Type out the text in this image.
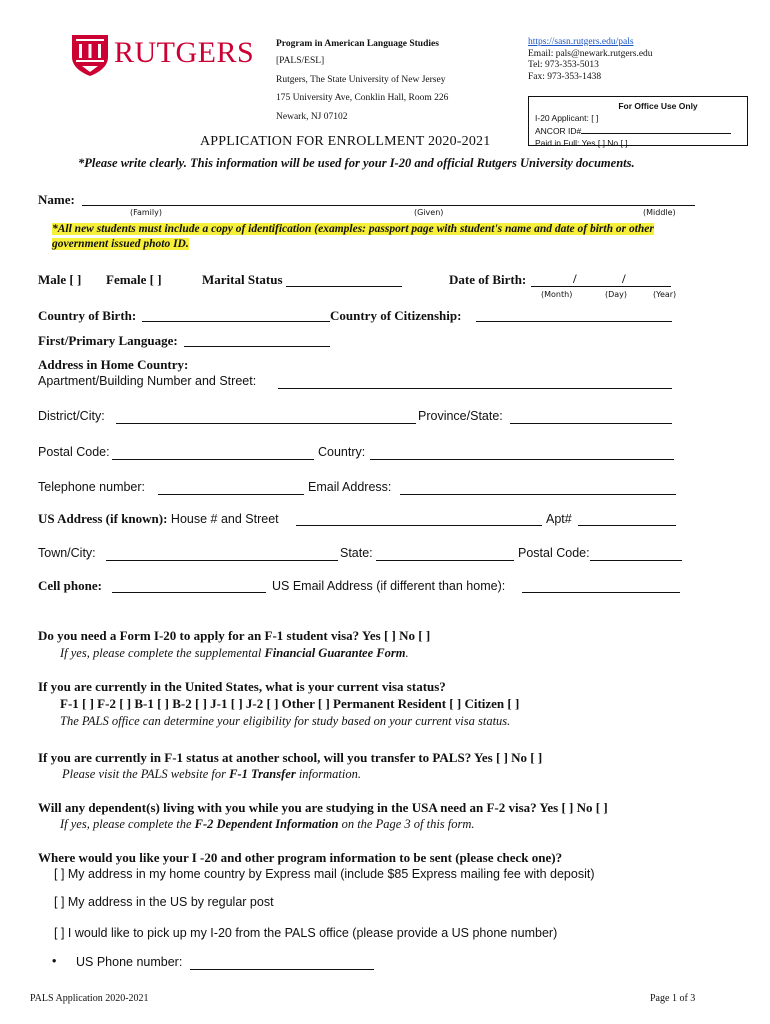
RUTGERS Program in American Language Studies
[PALS/ESL]
Rutgers, The State University of New Jersey
175 University Ave, Conklin Hall, Room 226
Newark, NJ 07102
https://sasn.rutgers.edu/pals
Email: pals@newark.rutgers.edu
Tel: 973-353-5013
Fax: 973-353-1438
For Office Use Only
I-20 Applicant: [ ]
ANCOR ID#
Paid in Full: Yes [ ] No [ ]
APPLICATION FOR ENROLLMENT 2020-2021
*Please write clearly. This information will be used for your I-20 and official Rutgers University documents.
Name:
(Family)	(Given)	(Middle)
*All new students must include a copy of identification (examples: passport page with student's name and date of birth or other
government issued photo ID.
Male [ ] Female [ ]	Marital Status	Date of Birth:	/	/
(Month)	(Day)	(Year)
Country of Birth:	Country of Citizenship:
First/Primary Language:
Address in Home Country:
Apartment/Building Number and Street:
District/City:	Province/State:
Postal Code:	Country:
Telephone number:	Email Address:
US Address (if known): House # and Street	Apt#
Town/City:	State:	Postal Code:
Cell phone:	US Email Address (if different than home):
Do you need a Form I-20 to apply for an F-1 student visa? Yes [ ] No [ ]
If yes, please complete the supplemental Financial Guarantee Form.
If you are currently in the United States, what is your current visa status?
F-1 [ ] F-2 [ ] B-1 [ ] B-2 [ ] J-1 [ ] J-2 [ ] Other [ ] Permanent Resident [ ] Citizen [ ]
The PALS office can determine your eligibility for study based on your current visa status.
If you are currently in F-1 status at another school, will you transfer to PALS? Yes [ ] No [ ]
Please visit the PALS website for F-1 Transfer information.
Will any dependent(s) living with you while you are studying in the USA need an F-2 visa? Yes [ ] No [ ]
If yes, please complete the F-2 Dependent Information on the Page 3 of this form.
Where would you like your I -20 and other program information to be sent (please check one)?
[ ] My address in my home country by Express mail (include $85 Express mailing fee with deposit)
[ ] My address in the US by regular post
[ ] I would like to pick up my I-20 from the PALS office (please provide a US phone number)
• US Phone number:
PALS Application 2020-2021	Page 1 of 3
